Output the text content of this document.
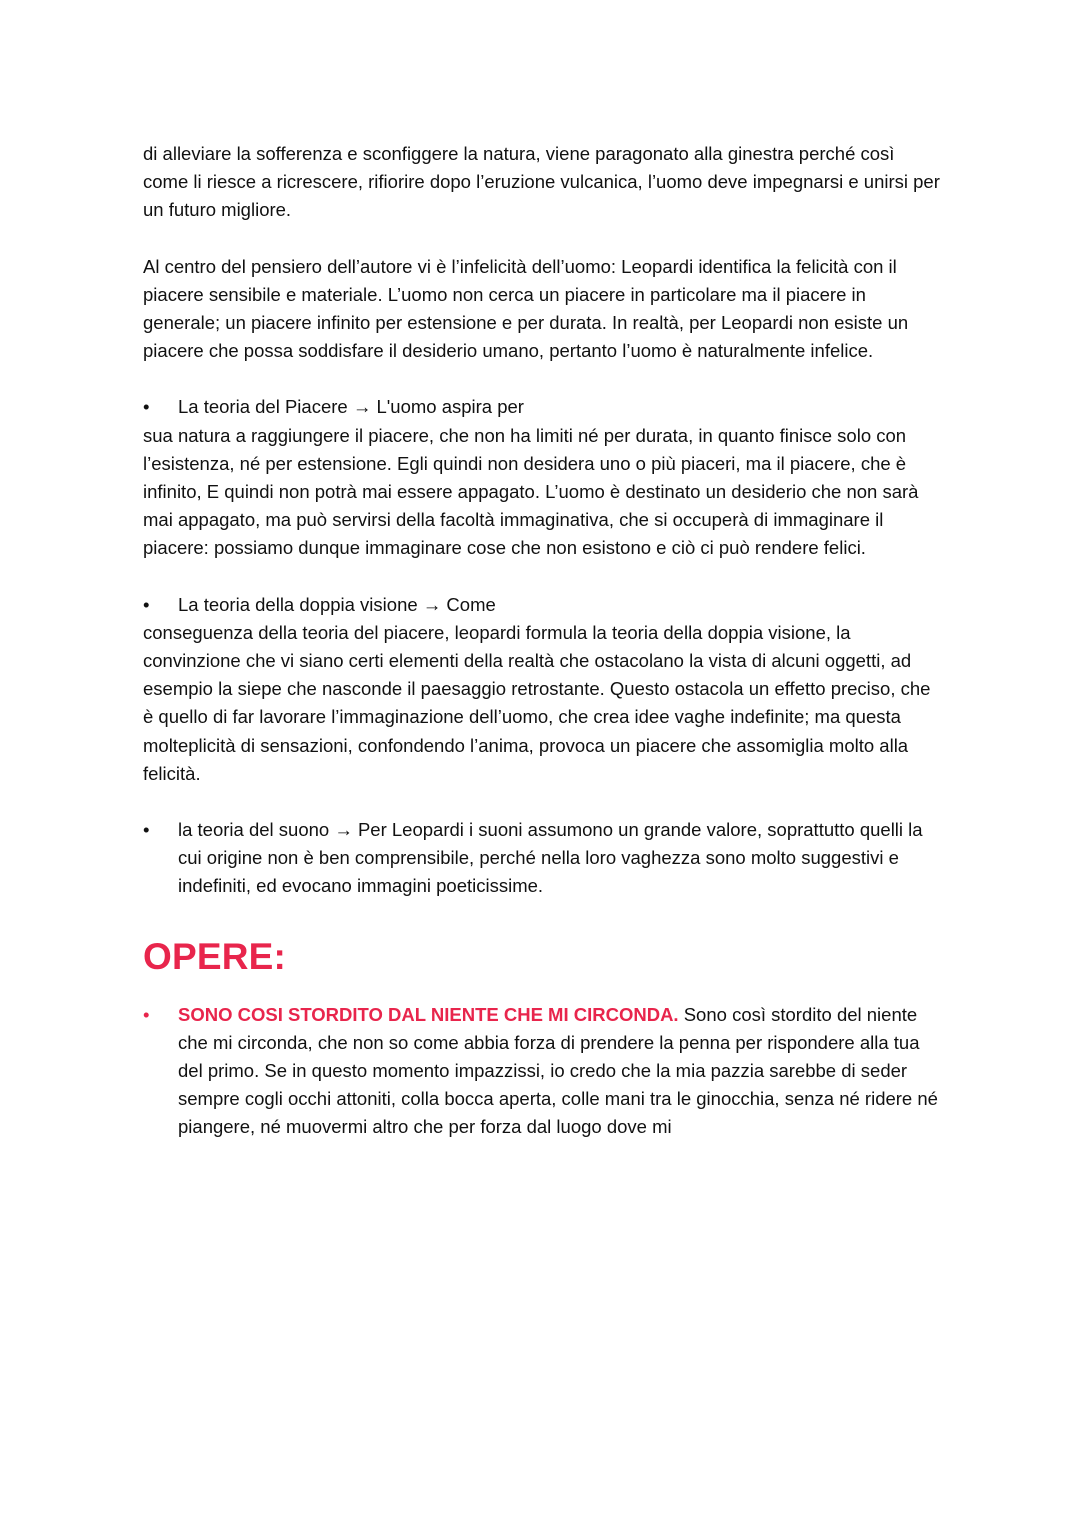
di alleviare la sofferenza e sconfiggere la natura, viene paragonato alla ginestra perché così come li riesce a ricrescere, rifiorire dopo l’eruzione vulcanica, l’uomo deve impegnarsi e unirsi per un futuro migliore.

Al centro del pensiero dell’autore vi è l’infelicità dell’uomo: Leopardi identifica la felicità con il piacere sensibile e materiale. L’uomo non cerca un piacere in particolare ma il piacere in generale; un piacere infinito per estensione e per durata. In realtà, per Leopardi non esiste un piacere che possa soddisfare il desiderio umano, pertanto l’uomo è naturalmente infelice.

• La teoria del Piacere → L'uomo aspira per
sua natura a raggiungere il piacere, che non ha limiti né per durata, in quanto finisce solo con l’esistenza, né per estensione. Egli quindi non desidera uno o più piaceri, ma il piacere, che è infinito, E quindi non potrà mai essere appagato. L’uomo è destinato un desiderio che non sarà mai appagato, ma può servirsi della facoltà immaginativa, che si occuperà di immaginare il piacere: possiamo dunque immaginare cose che non esistono e ciò ci può rendere felici.
• La teoria della doppia visione → Come
conseguenza della teoria del piacere, leopardi formula la teoria della doppia visione, la convinzione che vi siano certi elementi della realtà che ostacolano la vista di alcuni oggetti, ad esempio la siepe che nasconde il paesaggio retrostante. Questo ostacola un effetto preciso, che è quello di far lavorare l’immaginazione dell’uomo, che crea idee vaghe indefinite; ma questa molteplicità di sensazioni, confondendo l’anima, provoca un piacere che assomiglia molto alla felicità.
• la teoria del suono → Per Leopardi i suoni assumono un grande valore, soprattutto quelli la cui origine non è ben comprensibile, perché nella loro vaghezza sono molto suggestivi e indefiniti, ed evocano immagini poeticissime.
OPERE:
• SONO COSI STORDITO DAL NIENTE CHE MI CIRCONDA. Sono così stordito del niente che mi circonda, che non so come abbia forza di prendere la penna per rispondere alla tua del primo. Se in questo momento impazzissi, io credo che la mia pazzia sarebbe di seder sempre cogli occhi attoniti, colla bocca aperta, colle mani tra le ginocchia, senza né ridere né piangere, né muovermi altro che per forza dal luogo dove mi
